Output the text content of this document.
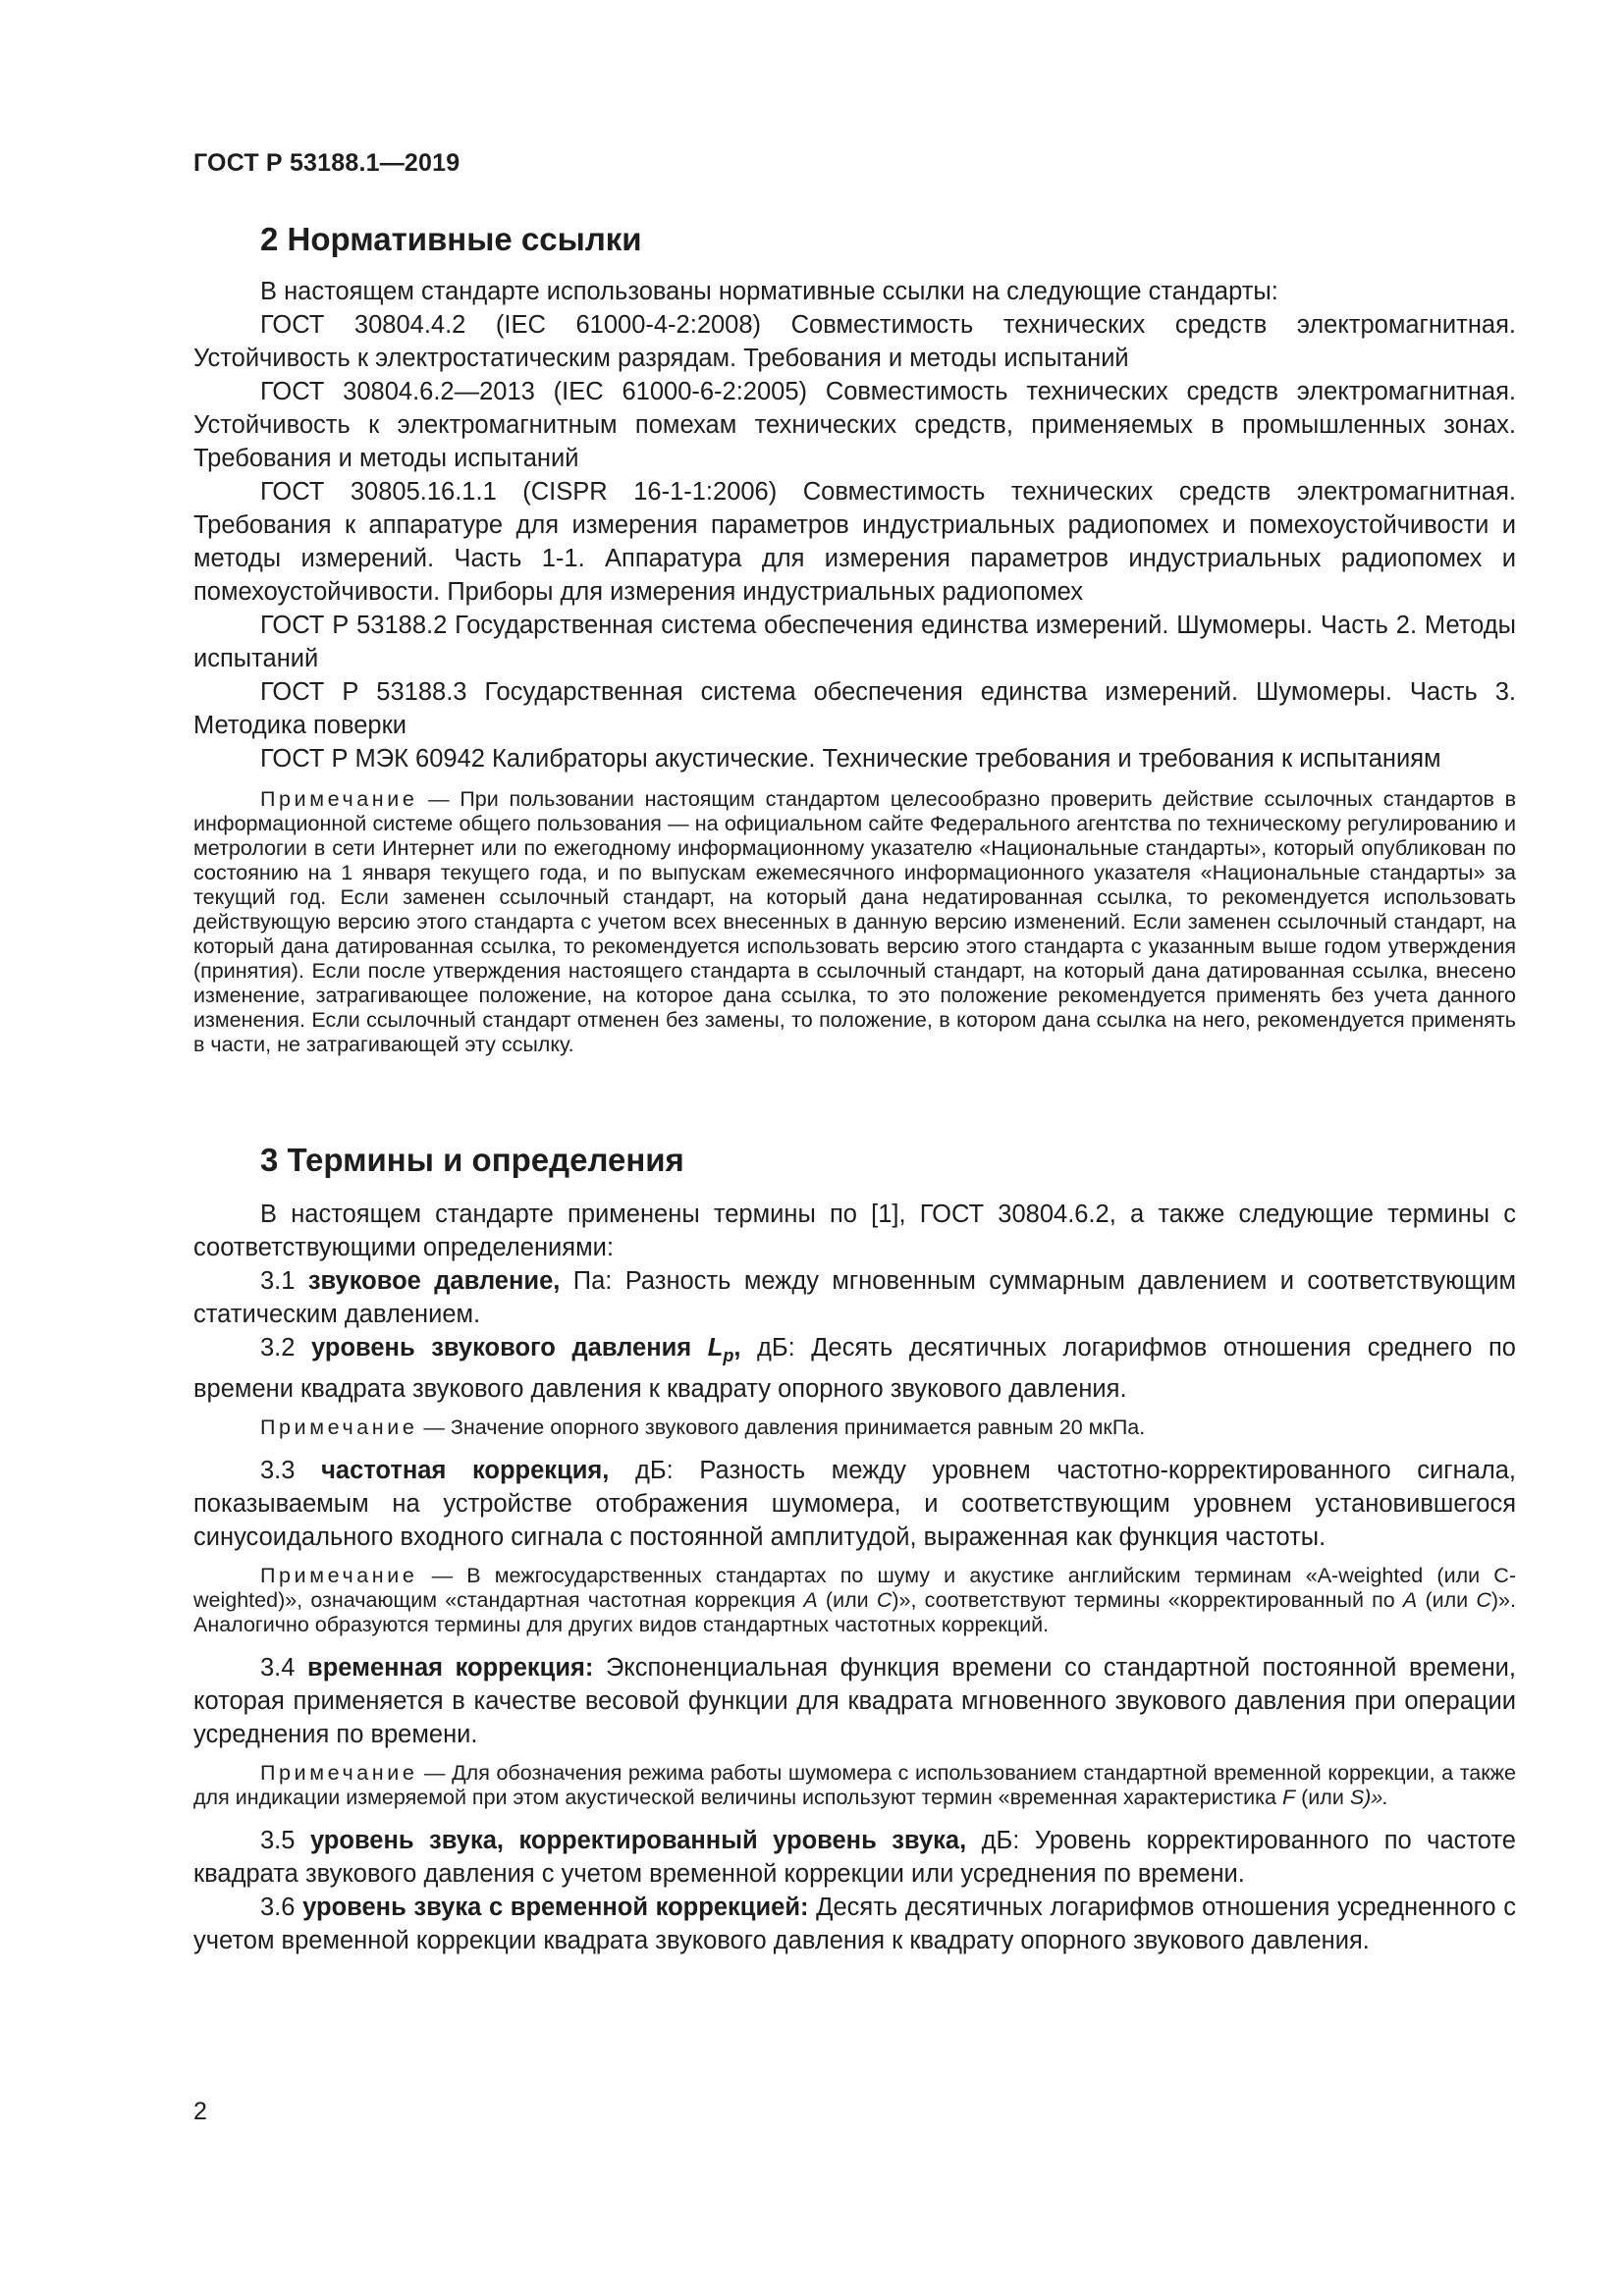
ГОСТ Р 53188.1—2019
2 Нормативные ссылки

В настоящем стандарте использованы нормативные ссылки на следующие стандарты:

ГОСТ 30804.4.2 (IEC 61000-4-2:2008) Совместимость технических средств электромагнитная. Устойчивость к электростатическим разрядам. Требования и методы испытаний

ГОСТ 30804.6.2—2013 (IEC 61000-6-2:2005) Совместимость технических средств электромагнитная. Устойчивость к электромагнитным помехам технических средств, применяемых в промышленных зонах. Требования и методы испытаний

ГОСТ 30805.16.1.1 (CISPR 16-1-1:2006) Совместимость технических средств электромагнитная. Требования к аппаратуре для измерения параметров индустриальных радиопомех и помехоустойчивости и методы измерений. Часть 1-1. Аппаратура для измерения параметров индустриальных радиопомех и помехоустойчивости. Приборы для измерения индустриальных радиопомех

ГОСТ Р 53188.2 Государственная система обеспечения единства измерений. Шумомеры. Часть 2. Методы испытаний

ГОСТ Р 53188.3 Государственная система обеспечения единства измерений. Шумомеры. Часть 3. Методика поверки

ГОСТ Р МЭК 60942 Калибраторы акустические. Технические требования и требования к испытаниям

Примечание — При пользовании настоящим стандартом целесообразно проверить действие ссылочных стандартов в информационной системе общего пользования — на официальном сайте Федерального агентства по техническому регулированию и метрологии в сети Интернет или по ежегодному информационному указателю «Национальные стандарты», который опубликован по состоянию на 1 января текущего года, и по выпускам ежемесячного информационного указателя «Национальные стандарты» за текущий год. Если заменен ссылочный стандарт, на который дана недатированная ссылка, то рекомендуется использовать действующую версию этого стандарта с учетом всех внесенных в данную версию изменений. Если заменен ссылочный стандарт, на который дана датированная ссылка, то рекомендуется использовать версию этого стандарта с указанным выше годом утверждения (принятия). Если после утверждения настоящего стандарта в ссылочный стандарт, на который дана датированная ссылка, внесено изменение, затрагивающее положение, на которое дана ссылка, то это положение рекомендуется применять без учета данного изменения. Если ссылочный стандарт отменен без замены, то положение, в котором дана ссылка на него, рекомендуется применять в части, не затрагивающей эту ссылку.

3 Термины и определения

В настоящем стандарте применены термины по [1], ГОСТ 30804.6.2, а также следующие термины с соответствующими определениями:

3.1 звуковое давление, Па: Разность между мгновенным суммарным давлением и соответствующим статическим давлением.

3.2 уровень звукового давления $L_p$, дБ: Десять десятичных логарифмов отношения среднего по времени квадрата звукового давления к квадрату опорного звукового давления.

Примечание — Значение опорного звукового давления принимается равным 20 мкПа.

3.3 частотная коррекция, дБ: Разность между уровнем частотно-корректированного сигнала, показываемым на устройстве отображения шумомера, и соответствующим уровнем установившегося синусоидального входного сигнала с постоянной амплитудой, выраженная как функция частоты.

Примечание — В межгосударственных стандартах по шуму и акустике английским терминам «A-weighted (или C-weighted)», означающим «стандартная частотная коррекция A (или C)», соответствуют термины «корректированный по A (или C)». Аналогично образуются термины для других видов стандартных частотных коррекций.

3.4 временная коррекция: Экспоненциальная функция времени со стандартной постоянной времени, которая применяется в качестве весовой функции для квадрата мгновенного звукового давления при операции усреднения по времени.

Примечание — Для обозначения режима работы шумомера с использованием стандартной временной коррекции, а также для индикации измеряемой при этом акустической величины используют термин «временная характеристика F (или S)».

3.5 уровень звука, корректированный уровень звука, дБ: Уровень корректированного по частоте квадрата звукового давления с учетом временной коррекции или усреднения по времени.

3.6 уровень звука с временной коррекцией: Десять десятичных логарифмов отношения усредненного с учетом временной коррекции квадрата звукового давления к квадрату опорного звукового давления.

2
